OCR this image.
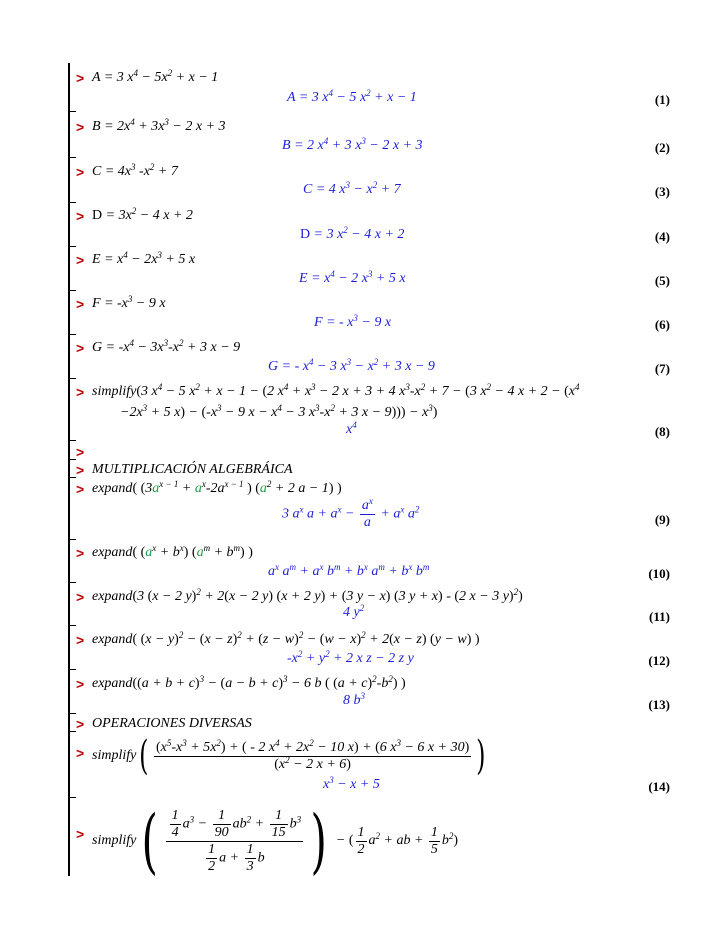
> A = 3 $x^4 - 5x^2 + x - 1$
A = 3 $x^4 - 5$ $x^2 + x - 1$	(1)
> $B = 2x^4 + 3x^3 - 2$ x + 3
B = 2 $x^4 + 3$ $x^3 - 2$ x + 3	(2)
> $C = 4x^3$ $-x^2 + 7$
C = 4 $x^3 - x^2 + 7$	(3)
> $D = 3x^2 - 4$ x + 2
D = 3 $x^2 - 4$ x + 2	(4)
> $E = x^4 - 2x^3 + 5$ x
$E = x^4 - 2$ $x^3 + 5$ x	(5)
> $F = -x^3 - 9$ x
F = - $x^3 - 9$ x	(6)
> $G = -x^4 - 3x^3-x^2 + 3$ x − 9
G = - $x^4 - 3$ $x^3 - x^2 + 3$ x − 9	(7)
> simplify(3 $x^4 - 5$ $x^2 + x - 1 - (2$ $x^4 + x^3 - 2$ x + 3 + 4 $x^3-x^2 + 7 - (3$ $x^2 - 4$ $x + 2 - (x^4$
$-2x^3 + 5$ $x) - (-x^3 - 9$ $x - x^4 - 3$ $x^3-x^2 + 3$ $x - 9))) - x^3$)
$x^4$	(8)
>
> MULTIPLICACIÓN ALGEBRÁICA
> expand( ($3a^{x - 1} + a^x-2a^{x - 1}$ ) ($a^2 + 2$ a − 1) )
3 $a^x$ $a + a^x - \frac{a^x}{a} + a^x$ $a^2$
(9)
> expand( $(a^x + b^x) (a^m + b^m)$ )
$a^x$ $a^m + a^x$ $b^m + b^x$ $a^m + b^x$ $b^m$	(10)
> expand(3 (x − 2 y)$^2$ + 2(x − 2 y) (x + 2 y) + (3 y − x) (3 y + x) - (2 x − 3 y)$^2$)
4 $y^2$
(11)
> expand( $(x - y)^2 - (x - z)^2 + (z - w)^2 - (w - x)^2 + 2(x - z)$ (y − w) )
$-x^2 + y^2 + 2$ x z − 2 z y	(12)
> expand((a + $b + c)^3 - (a - b + c)^3 - 6$ b ( $(a + c)^2-b^2$) )
8 $b^3$
(13)
> OPERACIONES DIVERSAS
> simplify( $\frac{(x^5-x^3 + 5x^2) + ( - 2 x^4 + 2x^2 - 10 x) + (6 x^3 - 6 x + 30)}{(x^2 - 2 x + 6)}$ )
$x^3 - x + 5$	(14)
> simplify( $\frac{\frac{1}{4} a^3 - \frac{1}{90} ab^2 + \frac{1}{15} b^3}{\frac{1}{2} a + \frac{1}{3} b}$ ) − ( $\frac{1}{2} a^2$ + ab + $\frac{1}{5} b^2$)
